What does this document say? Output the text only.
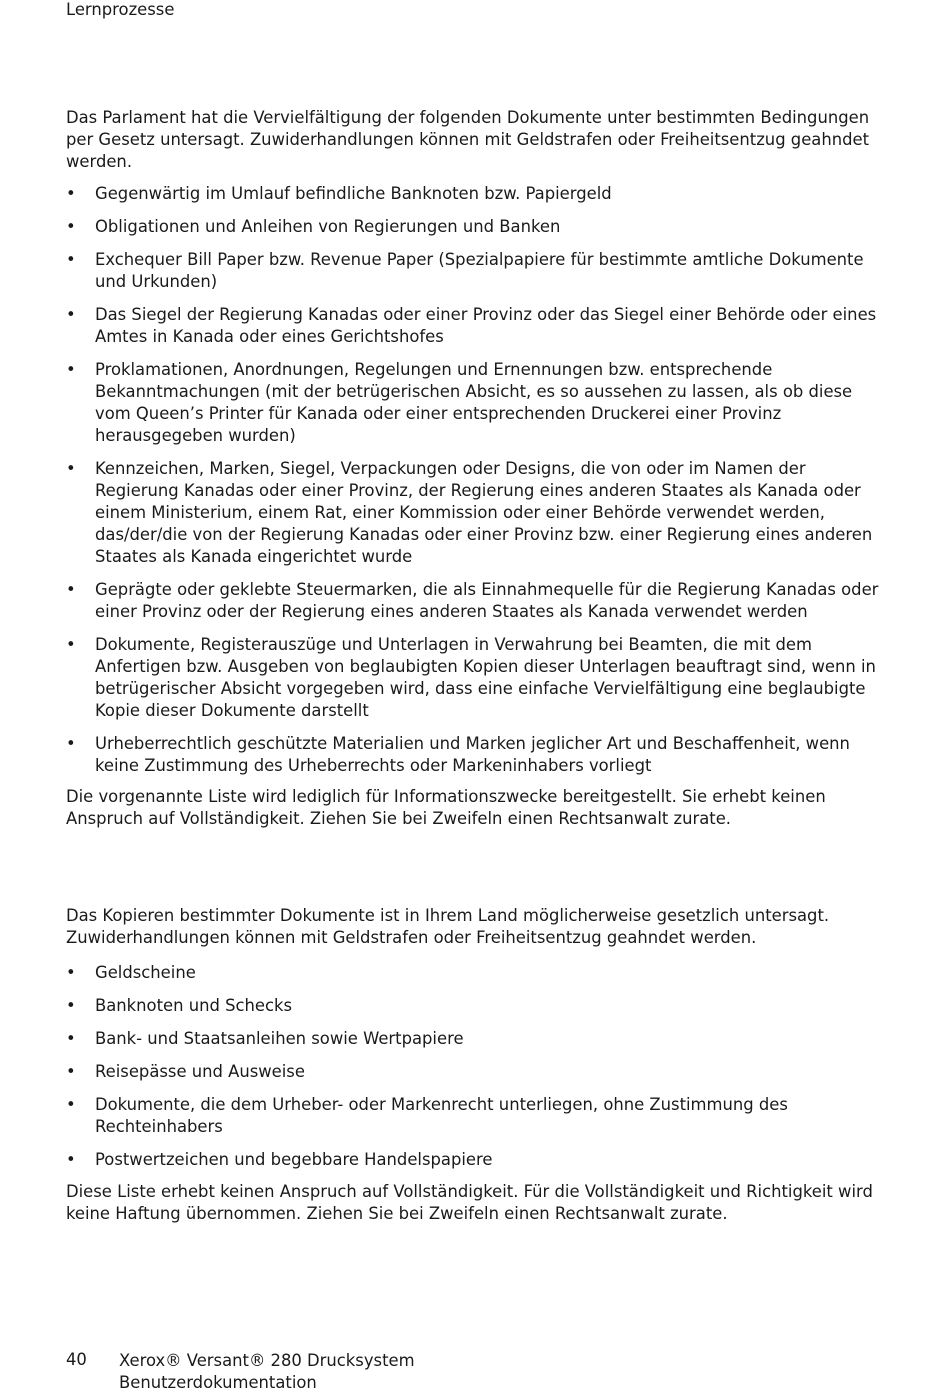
Lernprozesse

Das Parlament hat die Vervielfältigung der folgenden Dokumente unter bestimmten Bedingungen per Gesetz untersagt. Zuwiderhandlungen können mit Geldstrafen oder Freiheitsentzug geahndet werden.

• Gegenwärtig im Umlauf befindliche Banknoten bzw. Papiergeld
• Obligationen und Anleihen von Regierungen und Banken
• Exchequer Bill Paper bzw. Revenue Paper (Spezialpapiere für bestimmte amtliche Dokumente und Urkunden)
• Das Siegel der Regierung Kanadas oder einer Provinz oder das Siegel einer Behörde oder eines Amtes in Kanada oder eines Gerichtshofes
• Proklamationen, Anordnungen, Regelungen und Ernennungen bzw. entsprechende Bekanntmachungen (mit der betrügerischen Absicht, es so aussehen zu lassen, als ob diese vom Queen’s Printer für Kanada oder einer entsprechenden Druckerei einer Provinz herausgegeben wurden)
• Kennzeichen, Marken, Siegel, Verpackungen oder Designs, die von oder im Namen der Regierung Kanadas oder einer Provinz, der Regierung eines anderen Staates als Kanada oder einem Ministerium, einem Rat, einer Kommission oder einer Behörde verwendet werden, das/der/die von der Regierung Kanadas oder einer Provinz bzw. einer Regierung eines anderen Staates als Kanada eingerichtet wurde
• Geprägte oder geklebte Steuermarken, die als Einnahmequelle für die Regierung Kanadas oder einer Provinz oder der Regierung eines anderen Staates als Kanada verwendet werden
• Dokumente, Registerauszüge und Unterlagen in Verwahrung bei Beamten, die mit dem Anfertigen bzw. Ausgeben von beglaubigten Kopien dieser Unterlagen beauftragt sind, wenn in betrügerischer Absicht vorgegeben wird, dass eine einfache Vervielfältigung eine beglaubigte Kopie dieser Dokumente darstellt
• Urheberrechtlich geschützte Materialien und Marken jeglicher Art und Beschaffenheit, wenn keine Zustimmung des Urheberrechts oder Markeninhabers vorliegt

Die vorgenannte Liste wird lediglich für Informationszwecke bereitgestellt. Sie erhebt keinen Anspruch auf Vollständigkeit. Ziehen Sie bei Zweifeln einen Rechtsanwalt zurate.

Das Kopieren bestimmter Dokumente ist in Ihrem Land möglicherweise gesetzlich untersagt. Zuwiderhandlungen können mit Geldstrafen oder Freiheitsentzug geahndet werden.

• Geldscheine
• Banknoten und Schecks
• Bank- und Staatsanleihen sowie Wertpapiere
• Reisepässe und Ausweise
• Dokumente, die dem Urheber- oder Markenrecht unterliegen, ohne Zustimmung des Rechteinhabers
• Postwertzeichen und begebbare Handelspapiere

Diese Liste erhebt keinen Anspruch auf Vollständigkeit. Für die Vollständigkeit und Richtigkeit wird keine Haftung übernommen. Ziehen Sie bei Zweifeln einen Rechtsanwalt zurate.

40 Xerox® Versant® 280 Drucksystem
Benutzerdokumentation
